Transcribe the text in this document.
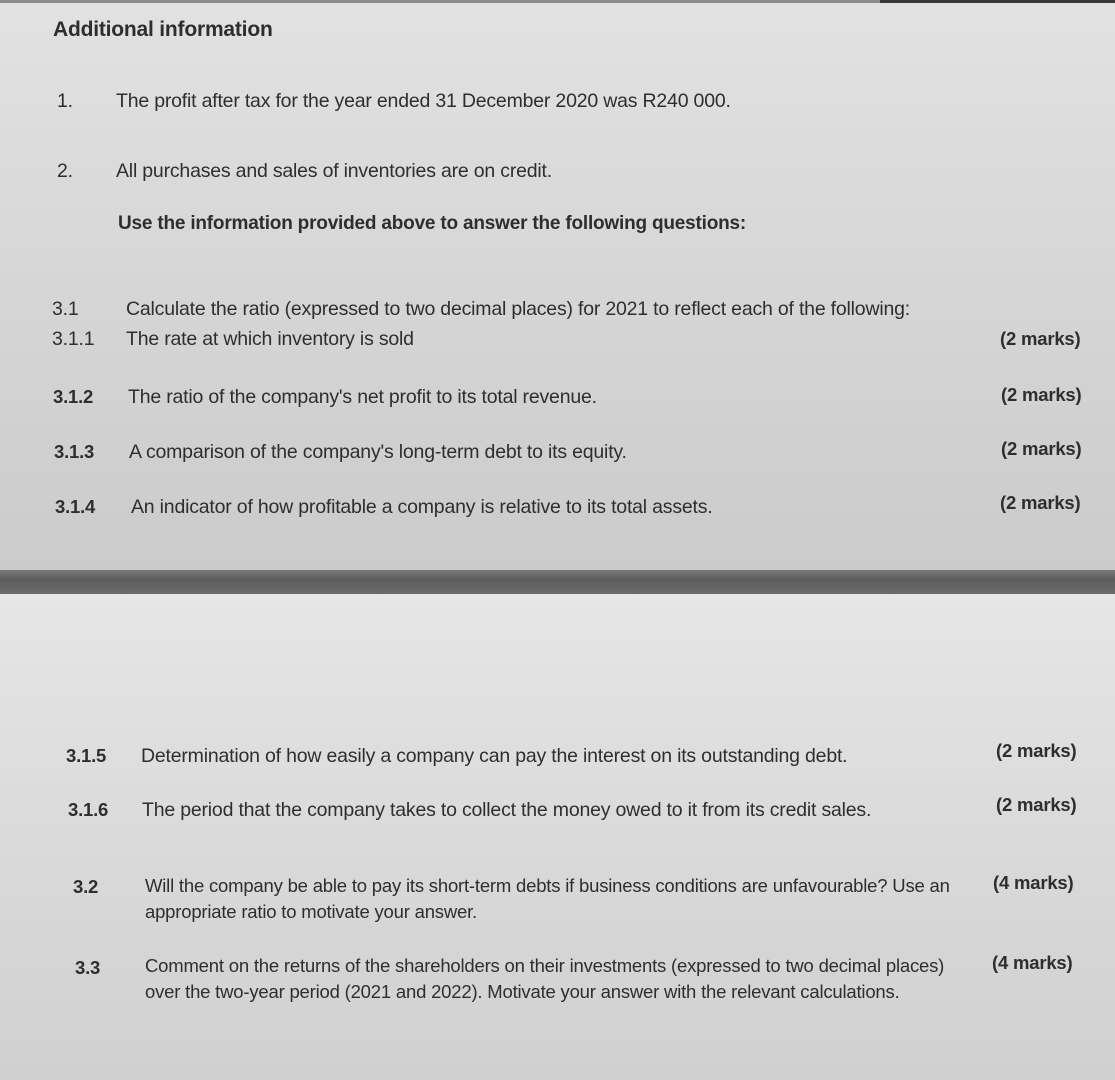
Additional information
1. The profit after tax for the year ended 31 December 2020 was R240 000.
2. All purchases and sales of inventories are on credit.
Use the information provided above to answer the following questions:
3.1 Calculate the ratio (expressed to two decimal places) for 2021 to reflect each of the following:
3.1.1 The rate at which inventory is sold	(2 marks)
3.1.2 The ratio of the company's net profit to its total revenue.	(2 marks)
3.1.3 A comparison of the company's long-term debt to its equity.	(2 marks)
3.1.4 An indicator of how profitable a company is relative to its total assets.	(2 marks)
3.1.5 Determination of how easily a company can pay the interest on its outstanding debt.	(2 marks)
3.1.6 The period that the company takes to collect the money owed to it from its credit sales.	(2 marks)
3.2	Will the company be able to pay its short-term debts if business conditions are unfavourable? Use an appropriate ratio to motivate your answer.
(4 marks)
3.3 Comment on the returns of the shareholders on their investments (expressed to two decimal places) over the two-year period (2021 and 2022). Motivate your answer with the relevant calculations.
(4 marks)
